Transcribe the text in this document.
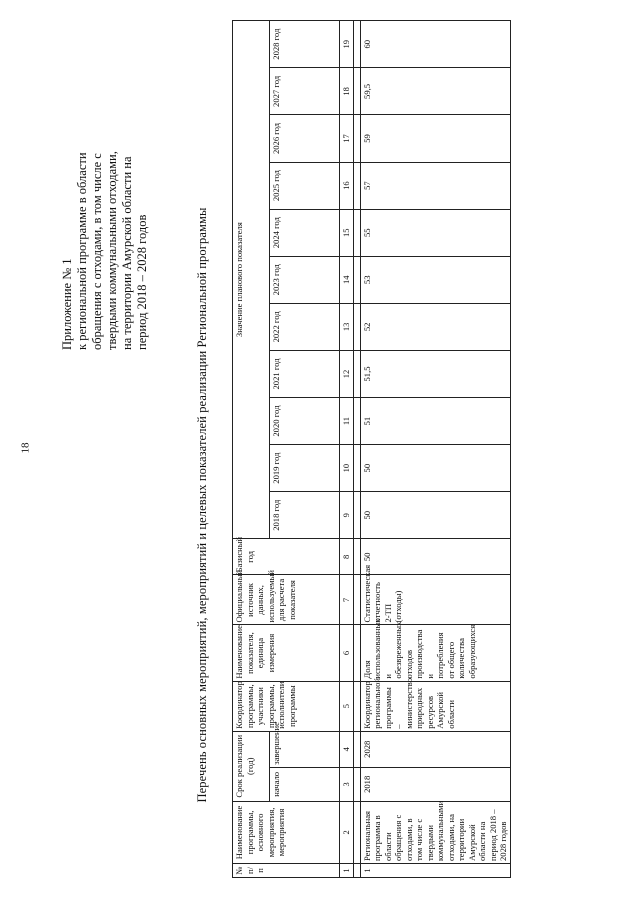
18
Приложение № 1 к региональной программе в области обращения с отходами, в том числе с твердыми коммунальными отходами, на территории Амурской области на период 2018 – 2028 годов	Перечень основных мероприятий, мероприятий и целевых показателей реализации Региональной программы
№ п/п	Наименование программы, основного мероприятия, мероприятия	Срок реализации (год)		Координатор программы, участники программы, исполнители программы	Наименование показателя, единица измерения	Официальный источник данных, используемый для расчета показателя	Базисный год	Значение планового показателя										
		начало	завершение					2018 год	2019 год	2020 год	2021 год	2022 год	2023 год	2024 год	2025 год	2026 год	2027 год	2028 год

1	2	3	4	5	6	7	8	9	10	11	12	13	14	15	16	17	18	19

1	Региональная программа в области обращения с отходами, в том числе с твердыми коммунальными отходами, на территории Амурской области на период 2018 – 2028 годов	2018	2028	Координатор региональной программы – министерство природных ресурсов Амурской области	Доля использованных и обезвреженных отходов производства и потребления от общего количества образующихся	Статистическая отчетность 2-ТП (отходы)	50	50	50	51	51,5	52	53	55	57	59	59,5	60
